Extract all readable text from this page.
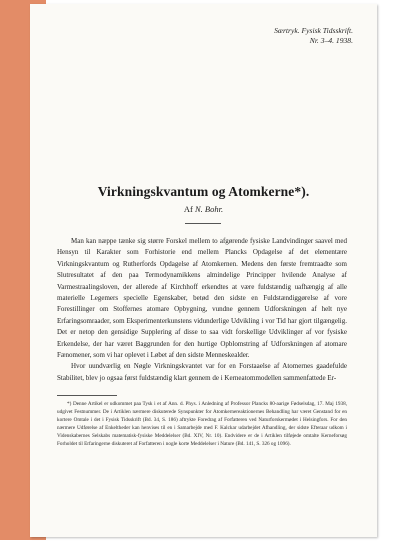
Særtryk. Fysisk Tidsskrift.
Nr. 3–4. 1938.
Virkningskvantum og Atomkerne*).
Af N. Bohr.

Man kan næppe tænke sig større Forskel mellem to afgørende fysiske Landvindinger saavel med Hensyn til Karakter som Forhistorie end mellem Plancks Opdagelse af det elementære Virkningskvantum og Rutherfords Opdagelse af Atomkernen. Medens den første fremtraadte som Slutresultatet af den paa Termodynamikkens almindelige Principper hvilende Analyse af Varmestraalingsloven, der allerede af Kirchhoff erkendtes at være fuldstændig uafhængig af alle materielle Legemers specielle Egenskaber, betød den sidste en Fuldstændiggørelse af vore Forestillinger om Stoffernes atomare Opbygning, vundne gennem Udforskningen af helt nye Erfaringsomraader, som Eksperimenterkunstens vidunderlige Udvikling i vor Tid har gjort tilgængelig. Det er netop den gensidige Supplering af disse to saa vidt forskellige Udviklinger af vor fysiske Erkendelse, der har været Baggrunden for den hurtige Opblomstring af Udforskningen af atomare Fænomener, som vi har oplevet i Løbet af den sidste Menneskealder.

Hvor uundværlig en Nøgle Virkningskvantet var for en Forstaaelse af Atomernes gaadefulde Stabilitet, blev jo ogsaa først fuldstændig klart gennem de i Kerneatommodellen sammenfattede Er-

*) Denne Artikel er udkommet paa Tysk i et af Ann. d. Phys. i Anledning af Professor Plancks 80-aarige Fødselsdag, 17. Maj 1938, udgivet Festnummer. De i Artiklen nærmere diskuterede Synspunkter for Atomkernereaktionernes Behandling har været Genstand for en kortere Omtale i det i Fysisk Tidsskrift (Bd. 34, S. 186) aftrykte Foredrag af Forfatteren ved Naturforskermødet i Helsingfors. For den nærmere Udførelse af Enkeltheder kan henvises til en i Samarbejde med F. Kalckar udarbejdet Afhandling, der sidste Efteraar udkom i Videnskabernes Selskabs matematisk-fysiske Meddelelser (Bd. XIV, Nr. 10). Endvidere er de i Artiklen tilføjede omtalte Kerneforsøg Forholdet til Erfaringerne diskuteret af Forfatteren i nogle korte Meddelelser i Nature (Bd. 141, S. 326 og 1096).
